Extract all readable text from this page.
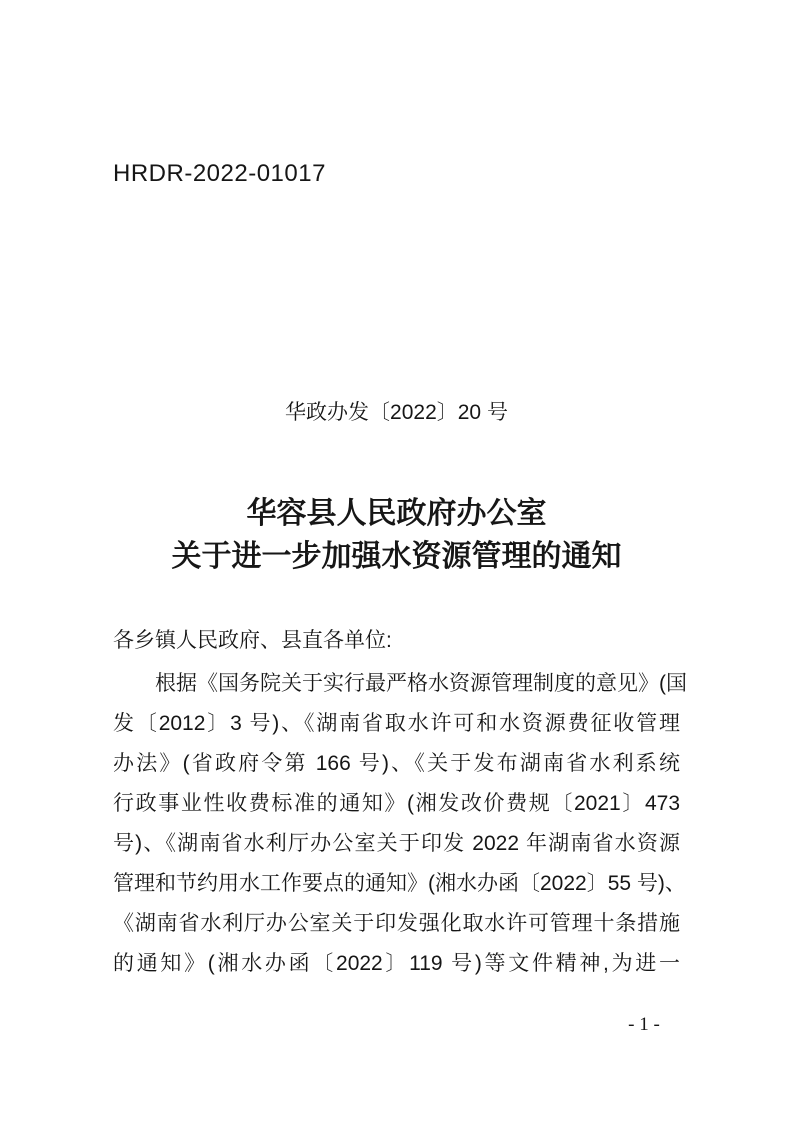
HRDR-2022-01017
华政办发〔2022〕20 号
华容县人民政府办公室
关于进一步加强水资源管理的通知
各乡镇人民政府、县直各单位:
根据《国务院关于实行最严格水资源管理制度的意见》(国
发〔2012〕3 号)、《湖南省取水许可和水资源费征收管理
办法》(省政府令第 166 号)、《关于发布湖南省水利系统
行政事业性收费标准的通知》(湘发改价费规〔2021〕473
号)、《湖南省水利厅办公室关于印发 2022 年湖南省水资源
管理和节约用水工作要点的通知》(湘水办函〔2022〕55 号)、
《湖南省水利厅办公室关于印发强化取水许可管理十条措施
的通知》(湘水办函〔2022〕119 号)等文件精神,为进一
- 1 -
